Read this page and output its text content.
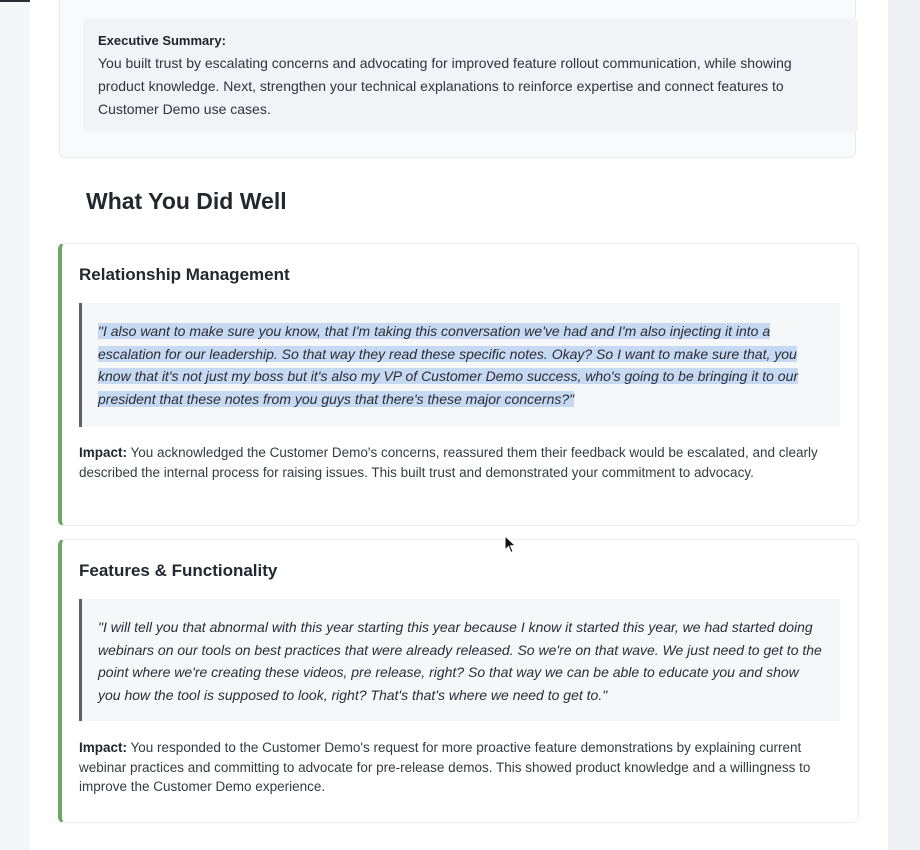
Executive Summary:
You built trust by escalating concerns and advocating for improved feature rollout communication, while showing product knowledge. Next, strengthen your technical explanations to reinforce expertise and connect features to Customer Demo use cases.
What You Did Well
Relationship Management
"I also want to make sure you know, that I'm taking this conversation we've had and I'm also injecting it into a escalation for our leadership. So that way they read these specific notes. Okay? So I want to make sure that, you know that it's not just my boss but it's also my VP of Customer Demo success, who's going to be bringing it to our president that these notes from you guys that there's these major concerns?"
Impact: You acknowledged the Customer Demo's concerns, reassured them their feedback would be escalated, and clearly described the internal process for raising issues. This built trust and demonstrated your commitment to advocacy.
Features & Functionality
"I will tell you that abnormal with this year starting this year because I know it started this year, we had started doing webinars on our tools on best practices that were already released. So we're on that wave. We just need to get to the point where we're creating these videos, pre release, right? So that way we can be able to educate you and show you how the tool is supposed to look, right? That's that's where we need to get to."
Impact: You responded to the Customer Demo's request for more proactive feature demonstrations by explaining current webinar practices and committing to advocate for pre-release demos. This showed product knowledge and a willingness to improve the Customer Demo experience.
